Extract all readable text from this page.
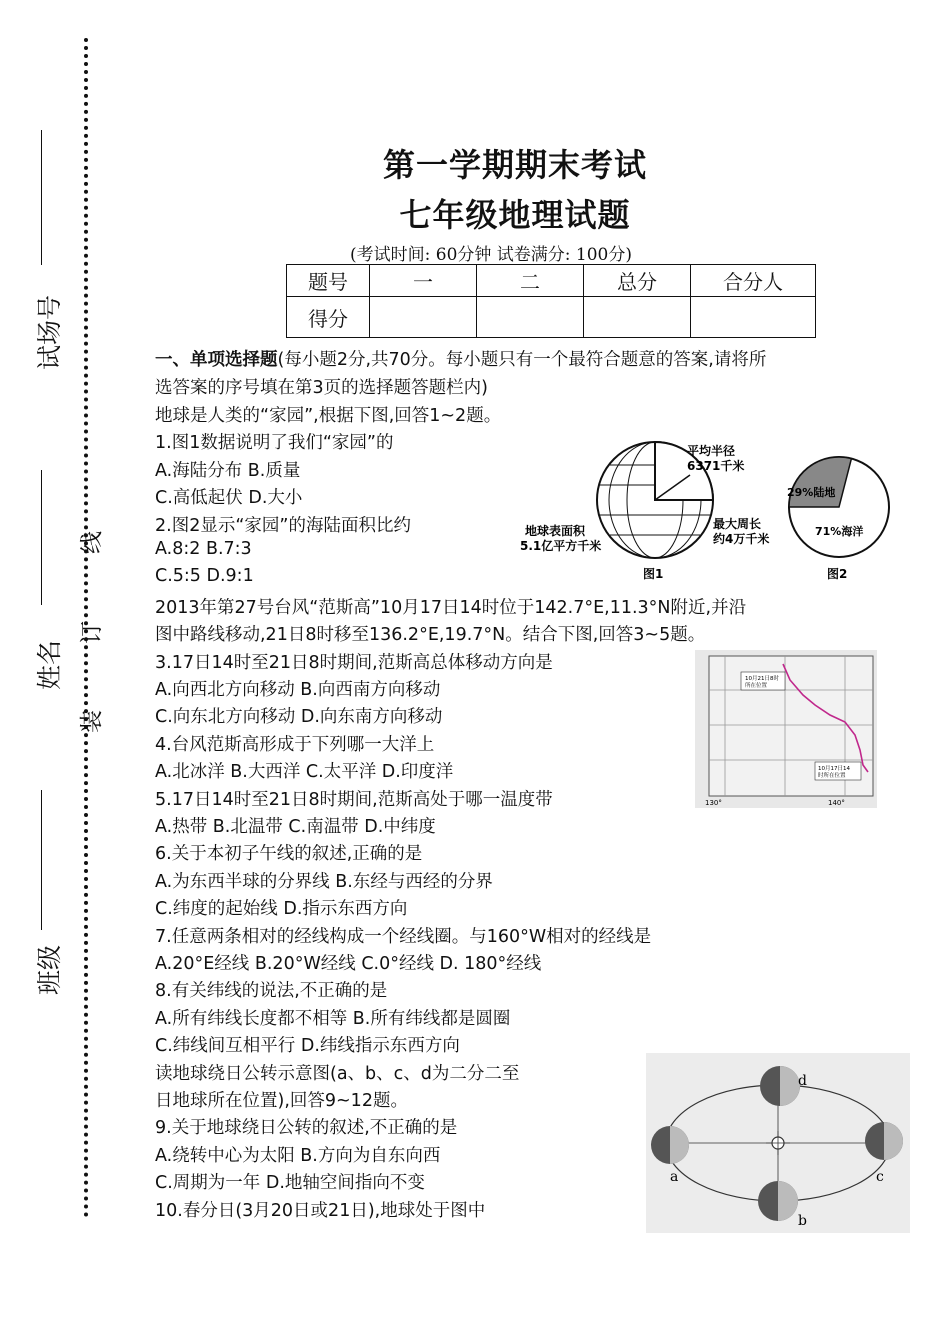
试场号
姓名
班级
线
订
装
第一学期期末考试
七年级地理试题
(考试时间: 60分钟 试卷满分: 100分)
题号	一	二	总分	合分人
得分				
一、单项选择题(每小题2分,共70分。每小题只有一个最符合题意的答案,请将所
选答案的序号填在第3页的选择题答题栏内)
地球是人类的“家园”,根据下图,回答1~2题。
1.图1数据说明了我们“家园”的
A.海陆分布 B.质量
C.高低起伏 D.大小
2.图2显示“家园”的海陆面积比约
A.8:2 B.7:3
C.5:5 D.9:1
2013年第27号台风“范斯高”10月17日14时位于142.7°E,11.3°N附近,并沿
图中路线移动,21日8时移至136.2°E,19.7°N。结合下图,回答3~5题。
3.17日14时至21日8时期间,范斯高总体移动方向是
A.向西北方向移动 B.向西南方向移动
C.向东北方向移动 D.向东南方向移动
4.台风范斯高形成于下列哪一大洋上
A.北冰洋 B.大西洋 C.太平洋 D.印度洋
5.17日14时至21日8时期间,范斯高处于哪一温度带
A.热带 B.北温带 C.南温带 D.中纬度
6.关于本初子午线的叙述,正确的是
A.为东西半球的分界线 B.东经与西经的分界
C.纬度的起始线 D.指示东西方向
7.任意两条相对的经线构成一个经线圈。与160°W相对的经线是
A.20°E经线 B.20°W经线 C.0°经线 D. 180°经线
8.有关纬线的说法,不正确的是
A.所有纬线长度都不相等 B.所有纬线都是圆圈
C.纬线间互相平行 D.纬线指示东西方向
读地球绕日公转示意图(a、b、c、d为二分二至
日地球所在位置),回答9~12题。
9.关于地球绕日公转的叙述,不正确的是
A.绕转中心为太阳 B.方向为自东向西
C.周期为一年 D.地轴空间指向不变
10.春分日(3月20日或21日),地球处于图中
平均半径
6371千米
地球表面积
5.1亿平方千米
最大周长
约4万千米
图1
29%陆地
71%海洋
图2
10月21日8时
所在位置
10月17日14
时所在位置
130°	140°
a
b
c
d
